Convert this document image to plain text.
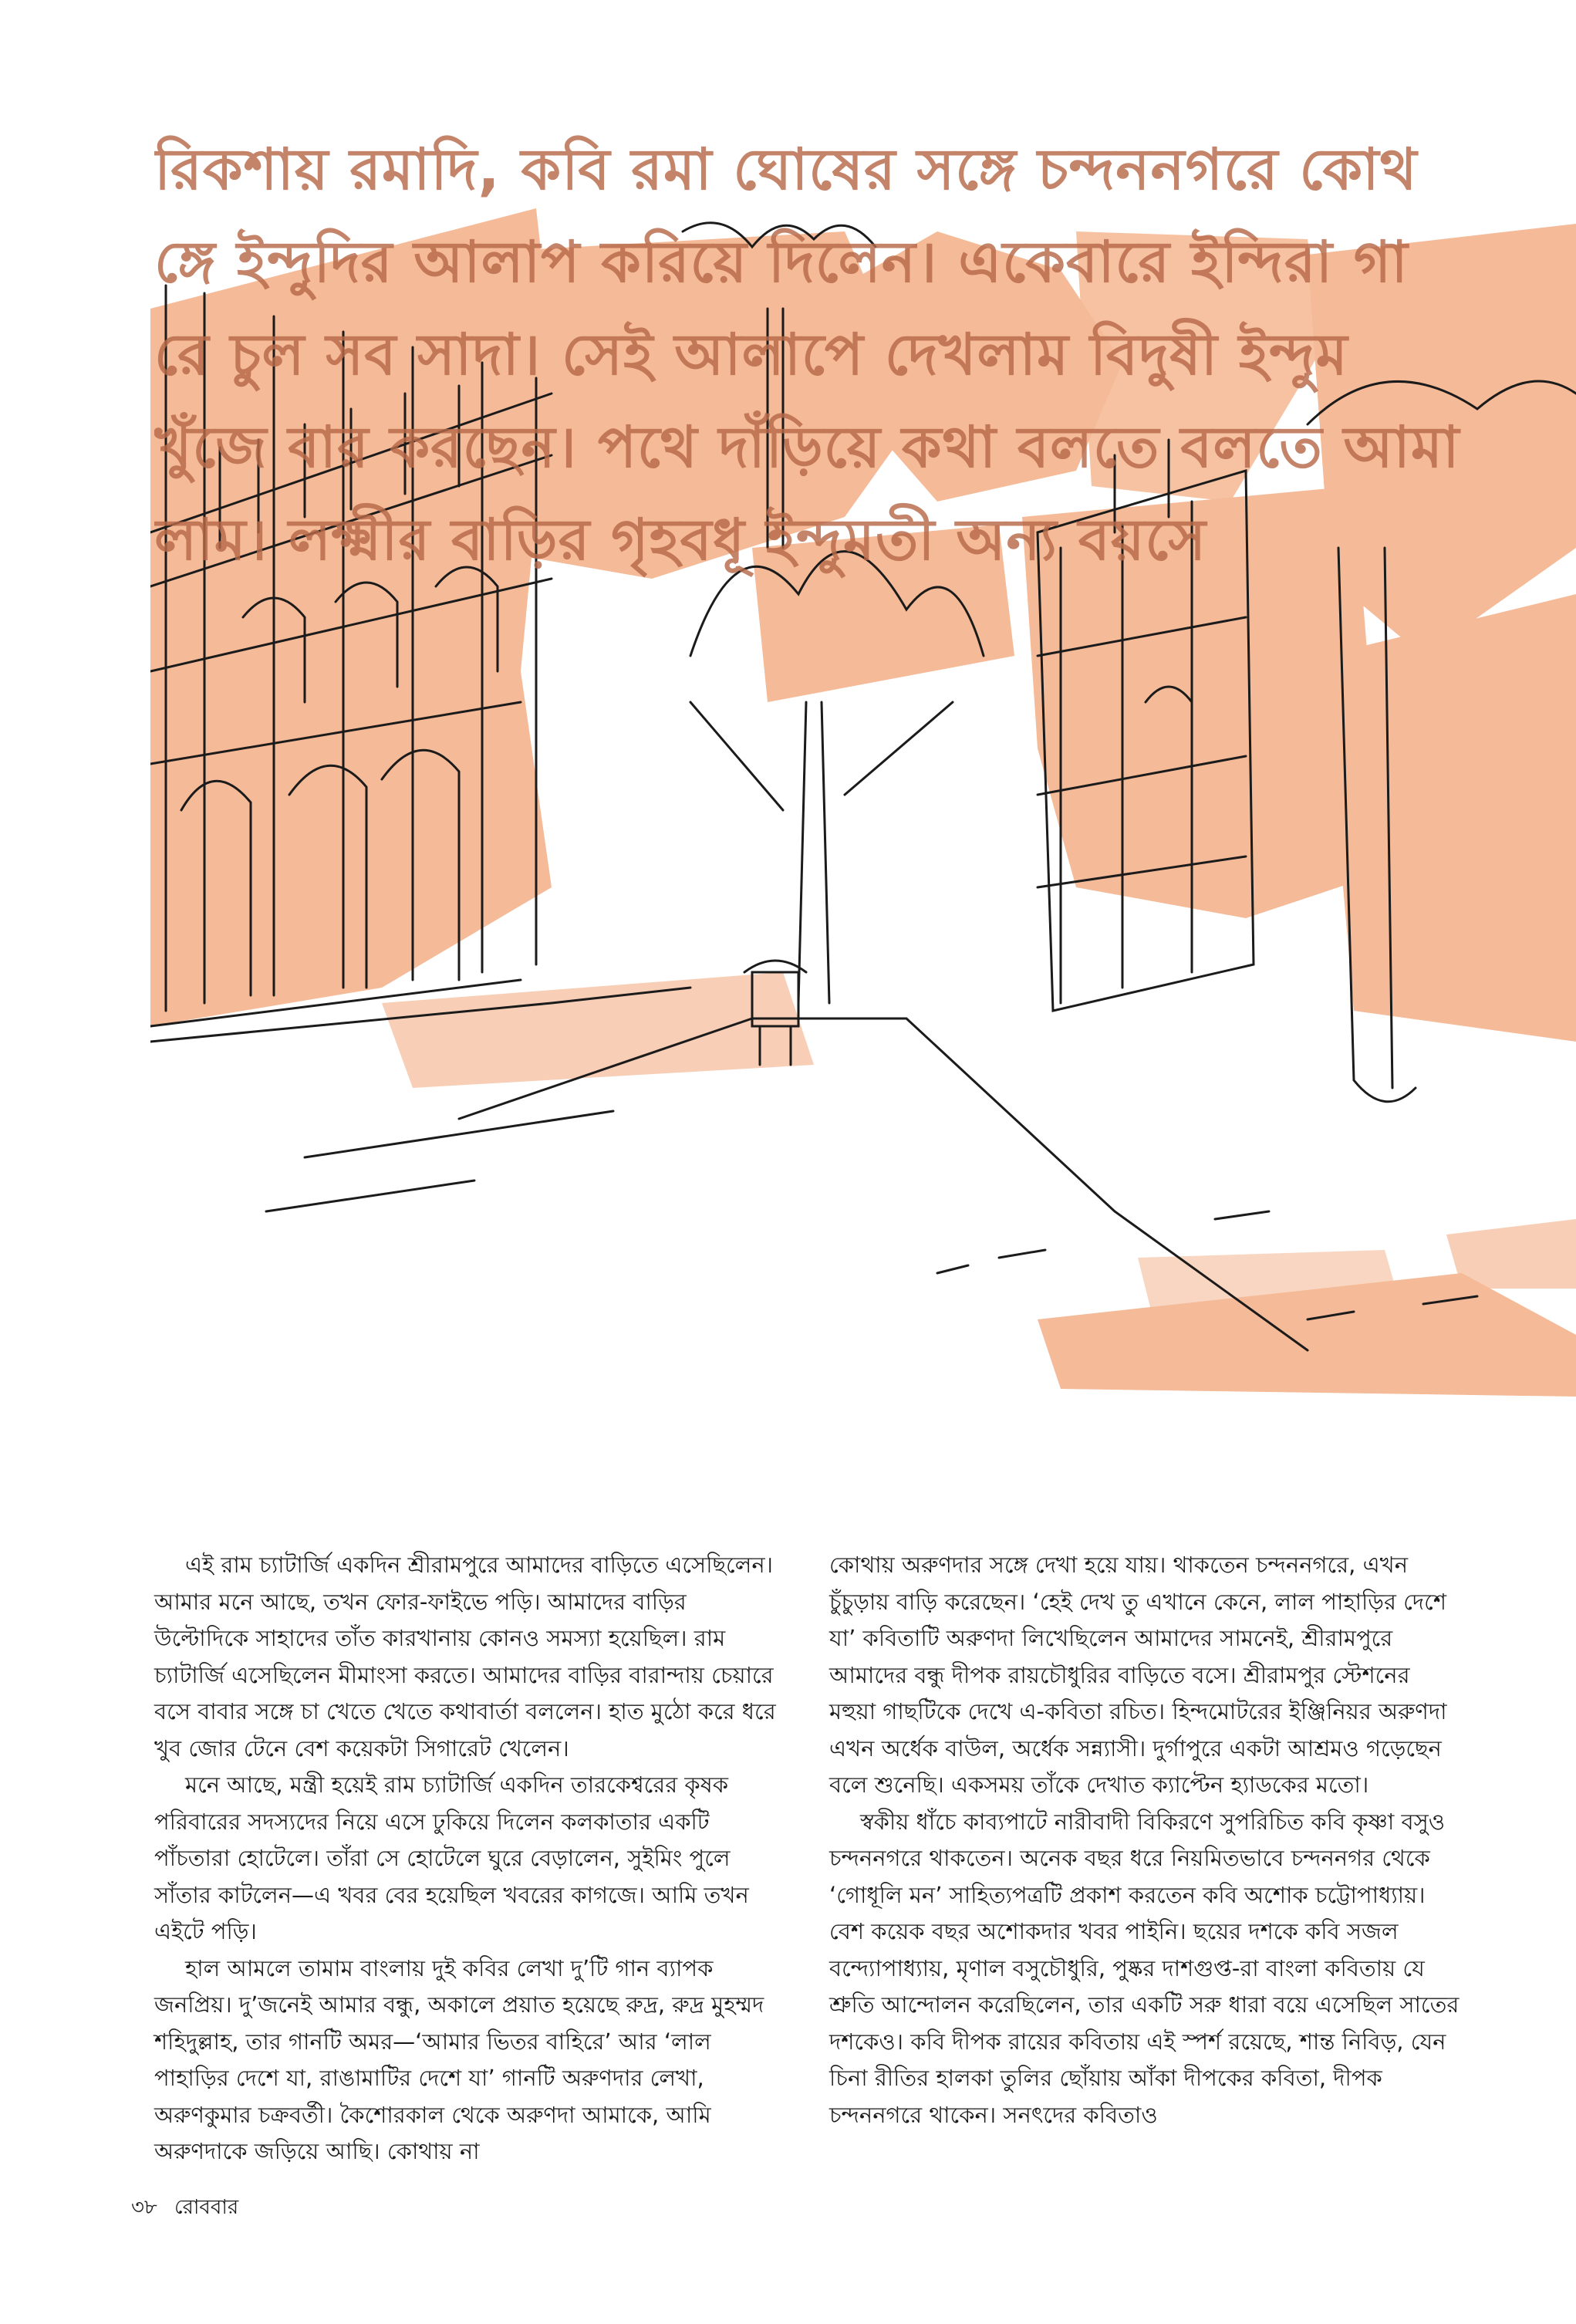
রিকশায় রমাদি, কবি রমা ঘোষের সঙ্গে চন্দননগরে কোথ
ঙ্গে ইন্দুদির আলাপ করিয়ে দিলেন। একেবারে ইন্দিরা গা
রে চুল সব সাদা। সেই আলাপে দেখলাম বিদুষী ইন্দুম
খুঁজে বার করছেন। পথে দাঁড়িয়ে কথা বলতে বলতে আমা
লাম। লক্ষ্মীর বাড়ির গৃহবধূ ইন্দুমতী অন্য বয়সে

এই রাম চ্যাটার্জি একদিন শ্রীরামপুরে আমাদের বাড়িতে এসেছিলেন। আমার মনে আছে, তখন ফোর-ফাইভে পড়ি। আমাদের বাড়ির উল্টোদিকে সাহাদের তাঁত কারখানায় কোনও সমস্যা হয়েছিল। রাম চ্যাটার্জি এসেছিলেন মীমাংসা করতে। আমাদের বাড়ির বারান্দায় চেয়ারে বসে বাবার সঙ্গে চা খেতে খেতে কথাবার্তা বললেন। হাত মুঠো করে ধরে খুব জোর টেনে বেশ কয়েকটা সিগারেট খেলেন।

মনে আছে, মন্ত্রী হয়েই রাম চ্যাটার্জি একদিন তারকেশ্বরের কৃষক পরিবারের সদস্যদের নিয়ে এসে ঢুকিয়ে দিলেন কলকাতার একটি পাঁচতারা হোটেলে। তাঁরা সে হোটেলে ঘুরে বেড়ালেন, সুইমিং পুলে সাঁতার কাটলেন—এ খবর বের হয়েছিল খবরের কাগজে। আমি তখন এইটে পড়ি।

হাল আমলে তামাম বাংলায় দুই কবির লেখা দু’টি গান ব্যাপক জনপ্রিয়। দু’জনেই আমার বন্ধু, অকালে প্রয়াত হয়েছে রুদ্র, রুদ্র মুহম্মদ শহিদুল্লাহ, তার গানটি অমর—‘আমার ভিতর বাহিরে’ আর ‘লাল পাহাড়ির দেশে যা, রাঙামাটির দেশে যা’ গানটি অরুণদার লেখা, অরুণকুমার চক্রবর্তী। কৈশোরকাল থেকে অরুণদা আমাকে, আমি অরুণদাকে জড়িয়ে আছি। কোথায় না

কোথায় অরুণদার সঙ্গে দেখা হয়ে যায়। থাকতেন চন্দননগরে, এখন চুঁচুড়ায় বাড়ি করেছেন। ‘হেই দেখ তু এখানে কেনে, লাল পাহাড়ির দেশে যা’ কবিতাটি অরুণদা লিখেছিলেন আমাদের সামনেই, শ্রীরামপুরে আমাদের বন্ধু দীপক রায়চৌধুরির বাড়িতে বসে। শ্রীরামপুর স্টেশনের মহুয়া গাছটিকে দেখে এ-কবিতা রচিত। হিন্দমোটরের ইঞ্জিনিয়র অরুণদা এখন অর্ধেক বাউল, অর্ধেক সন্ন্যাসী। দুর্গাপুরে একটা আশ্রমও গড়েছেন বলে শুনেছি। একসময় তাঁকে দেখাত ক্যাপ্টেন হ্যাডকের মতো।

স্বকীয় ধাঁচে কাব্যপাটে নারীবাদী বিকিরণে সুপরিচিত কবি কৃষ্ণা বসুও চন্দননগরে থাকতেন। অনেক বছর ধরে নিয়মিতভাবে চন্দননগর থেকে ‘গোধূলি মন’ সাহিত্যপত্রটি প্রকাশ করতেন কবি অশোক চট্টোপাধ্যায়। বেশ কয়েক বছর অশোকদার খবর পাইনি। ছয়ের দশকে কবি সজল বন্দ্যোপাধ্যায়, মৃণাল বসুচৌধুরি, পুষ্কর দাশগুপ্ত-রা বাংলা কবিতায় যে শ্রুতি আন্দোলন করেছিলেন, তার একটি সরু ধারা বয়ে এসেছিল সাতের দশকেও। কবি দীপক রায়ের কবিতায় এই স্পর্শ রয়েছে, শান্ত নিবিড়, যেন চিনা রীতির হালকা তুলির ছোঁয়ায় আঁকা দীপকের কবিতা, দীপক চন্দননগরে থাকেন। সনৎদের কবিতাও

৩৮ রোববার
